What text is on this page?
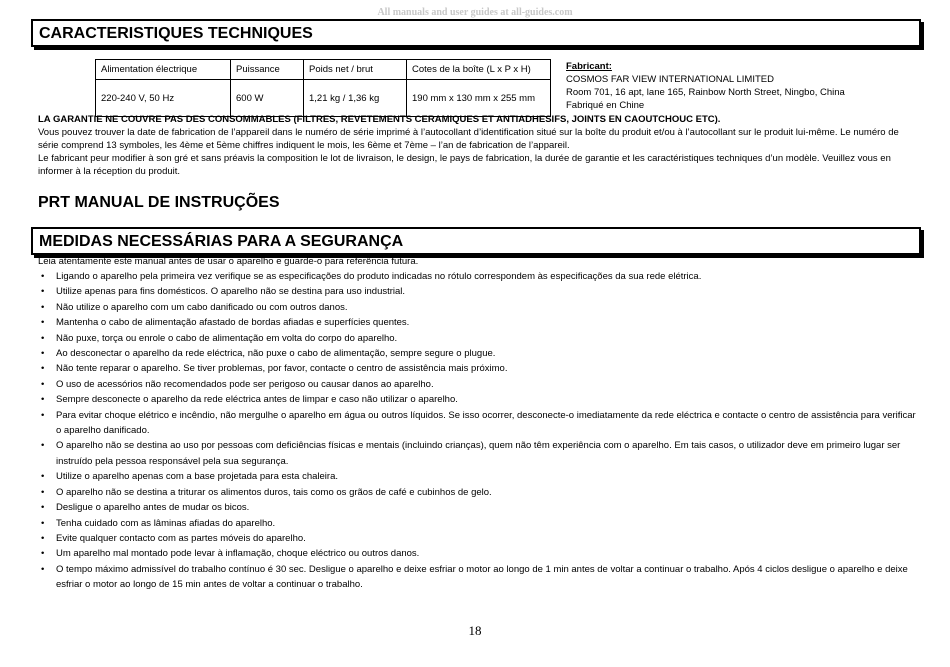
All manuals and user guides at all-guides.com
CARACTERISTIQUES TECHNIQUES
Alimentation électrique	Puissance	Poids net / brut	Cotes de la boîte (L x P x H)
220-240 V, 50 Hz	600 W	1,21 kg / 1,36 kg	190 mm x 130 mm x 255 mm
Fabricant:
COSMOS FAR VIEW INTERNATIONAL LIMITED
Room 701, 16 apt, lane 165, Rainbow North Street, Ningbo, China
Fabriqué en Chine
LA GARANTIE NE COUVRE PAS DES CONSOMMABLES (FILTRES, REVETEMENTS CERAMIQUES ET ANTIADHESIFS, JOINTS EN CAOUTCHOUC ETC).
Vous pouvez trouver la date de fabrication de l’appareil dans le numéro de série imprimé à l’autocollant d’identification situé sur la boîte du produit et/ou à l’autocollant sur le produit lui-même. Le numéro de série comprend 13 symboles, les 4ème et 5ème chiffres indiquent le mois, les 6ème et 7ème – l’an de fabrication de l’appareil.
Le fabricant peur modifier à son gré et sans préavis la composition le lot de livraison, le design, le pays de fabrication, la durée de garantie et les caractéristiques techniques d’un modèle. Veuillez vous en informer à la réception du produit.
PRT MANUAL DE INSTRUÇÕES
MEDIDAS NECESSÁRIAS PARA A SEGURANÇA
Leia atentamente este manual antes de usar o aparelho e guarde-o para referência futura.
• Ligando o aparelho pela primeira vez verifique se as especificações do produto indicadas no rótulo correspondem às especificações da sua rede elétrica.
• Utilize apenas para fins domésticos. O aparelho não se destina para uso industrial.
• Não utilize o aparelho com um cabo danificado ou com outros danos.
• Mantenha o cabo de alimentação afastado de bordas afiadas e superfícies quentes.
• Não puxe, torça ou enrole o cabo de alimentação em volta do corpo do aparelho.
• Ao desconectar o aparelho da rede eléctrica, não puxe o cabo de alimentação, sempre segure o plugue.
• Não tente reparar o aparelho. Se tiver problemas, por favor, contacte o centro de assistência mais próximo.
• O uso de acessórios não recomendados pode ser perigoso ou causar danos ao aparelho.
• Sempre desconecte o aparelho da rede eléctrica antes de limpar e caso não utilizar o aparelho.
• Para evitar choque elétrico e incêndio, não mergulhe o aparelho em água ou outros líquidos. Se isso ocorrer, desconecte-o imediatamente da rede eléctrica e contacte o centro de assistência para verificar o aparelho danificado.
• O aparelho não se destina ao uso por pessoas com deficiências físicas e mentais (incluindo crianças), quem não têm experiência com o aparelho. Em tais casos, o utilizador deve em primeiro lugar ser instruído pela pessoa responsável pela sua segurança.
• Utilize o aparelho apenas com a base projetada para esta chaleira.
• O aparelho não se destina a triturar os alimentos duros, tais como os grãos de café e cubinhos de gelo.
• Desligue o aparelho antes de mudar os bicos.
• Tenha cuidado com as lâminas afiadas do aparelho.
• Evite qualquer contacto com as partes móveis do aparelho.
• Um aparelho mal montado pode levar à inflamação, choque eléctrico ou outros danos.
• O tempo máximo admissível do trabalho contínuo é 30 sec. Desligue o aparelho e deixe esfriar o motor ao longo de 1 min antes de voltar a continuar o trabalho. Após 4 ciclos desligue o aparelho e deixe esfriar o motor ao longo de 15 min antes de voltar a continuar o trabalho.
18
